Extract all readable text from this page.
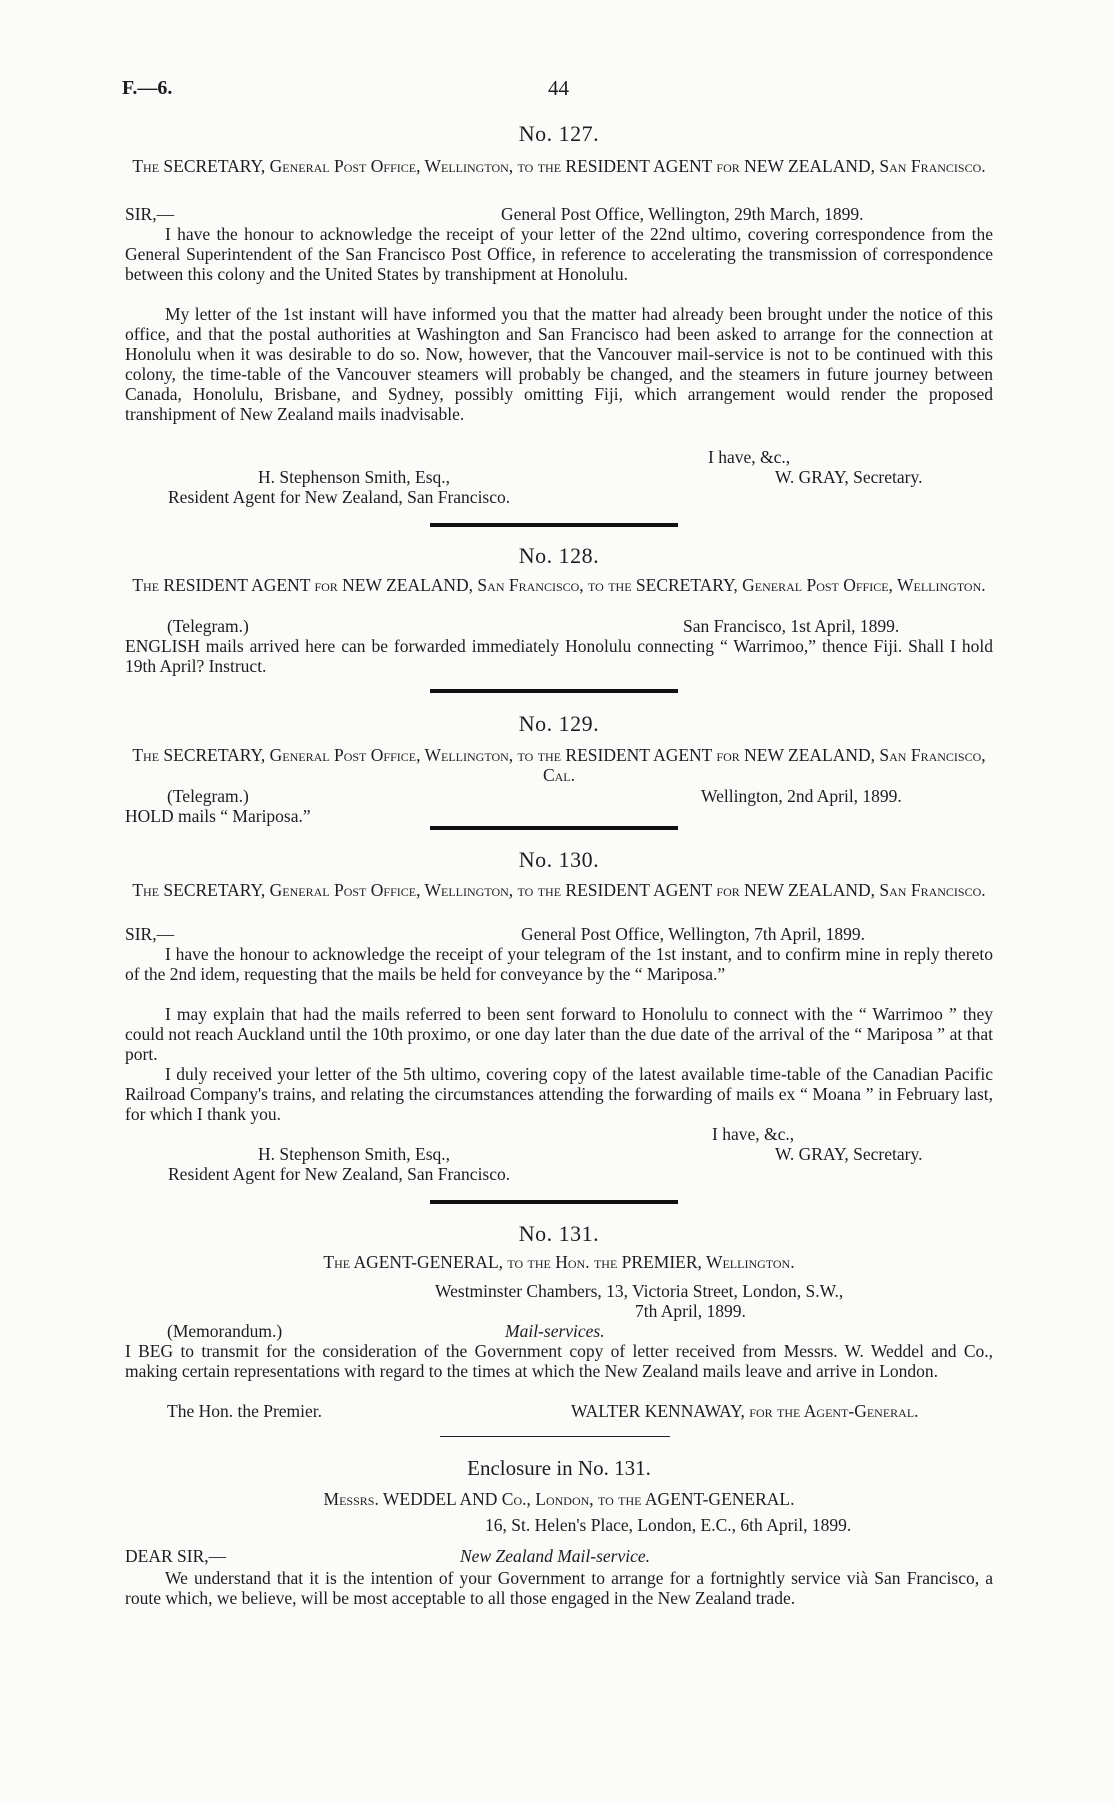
F.—6.	44
No. 127.
The SECRETARY, General Post Office, Wellington, to the RESIDENT AGENT for NEW ZEALAND, San Francisco.
SIR,—	General Post Office, Wellington, 29th March, 1899.
I have the honour to acknowledge the receipt of your letter of the 22nd ultimo, covering correspondence from the General Superintendent of the San Francisco Post Office, in reference to accelerating the transmission of correspondence between this colony and the United States by transhipment at Honolulu.
My letter of the 1st instant will have informed you that the matter had already been brought under the notice of this office, and that the postal authorities at Washington and San Francisco had been asked to arrange for the connection at Honolulu when it was desirable to do so. Now, however, that the Vancouver mail-service is not to be continued with this colony, the time-table of the Vancouver steamers will probably be changed, and the steamers in future journey between Canada, Honolulu, Brisbane, and Sydney, possibly omitting Fiji, which arrangement would render the proposed transhipment of New Zealand mails inadvisable.
I have, &c.,
H. Stephenson Smith, Esq.,	W. GRAY, Secretary.
Resident Agent for New Zealand, San Francisco.
No. 128.
The RESIDENT AGENT for NEW ZEALAND, San Francisco, to the SECRETARY, General Post Office, Wellington.
(Telegram.)	San Francisco, 1st April, 1899.
ENGLISH mails arrived here can be forwarded immediately Honolulu connecting “ Warrimoo,” thence Fiji. Shall I hold 19th April? Instruct.
No. 129.
The SECRETARY, General Post Office, Wellington, to the RESIDENT AGENT for NEW ZEALAND, San Francisco, Cal.
(Telegram.)	Wellington, 2nd April, 1899.
HOLD mails “ Mariposa.”
No. 130.
The SECRETARY, General Post Office, Wellington, to the RESIDENT AGENT for NEW ZEALAND, San Francisco.
SIR,—	General Post Office, Wellington, 7th April, 1899.
I have the honour to acknowledge the receipt of your telegram of the 1st instant, and to confirm mine in reply thereto of the 2nd idem, requesting that the mails be held for conveyance by the “ Mariposa.”
I may explain that had the mails referred to been sent forward to Honolulu to connect with the “ Warrimoo ” they could not reach Auckland until the 10th proximo, or one day later than the due date of the arrival of the “ Mariposa ” at that port.
I duly received your letter of the 5th ultimo, covering copy of the latest available time-table of the Canadian Pacific Railroad Company's trains, and relating the circumstances attending the forwarding of mails ex “ Moana ” in February last, for which I thank you.
I have, &c.,
H. Stephenson Smith, Esq.,	W. GRAY, Secretary.
Resident Agent for New Zealand, San Francisco.
No. 131.
The AGENT-GENERAL, to the Hon. the PREMIER, Wellington.
Westminster Chambers, 13, Victoria Street, London, S.W.,
7th April, 1899.
(Memorandum.)	Mail-services.
I BEG to transmit for the consideration of the Government copy of letter received from Messrs. W. Weddel and Co., making certain representations with regard to the times at which the New Zealand mails leave and arrive in London.
The Hon. the Premier.	WALTER KENNAWAY, for the Agent-General.
Enclosure in No. 131.
Messrs. WEDDEL AND Co., London, to the AGENT-GENERAL.
16, St. Helen's Place, London, E.C., 6th April, 1899.
DEAR SIR,—	New Zealand Mail-service.
We understand that it is the intention of your Government to arrange for a fortnightly service vià San Francisco, a route which, we believe, will be most acceptable to all those engaged in the New Zealand trade.
